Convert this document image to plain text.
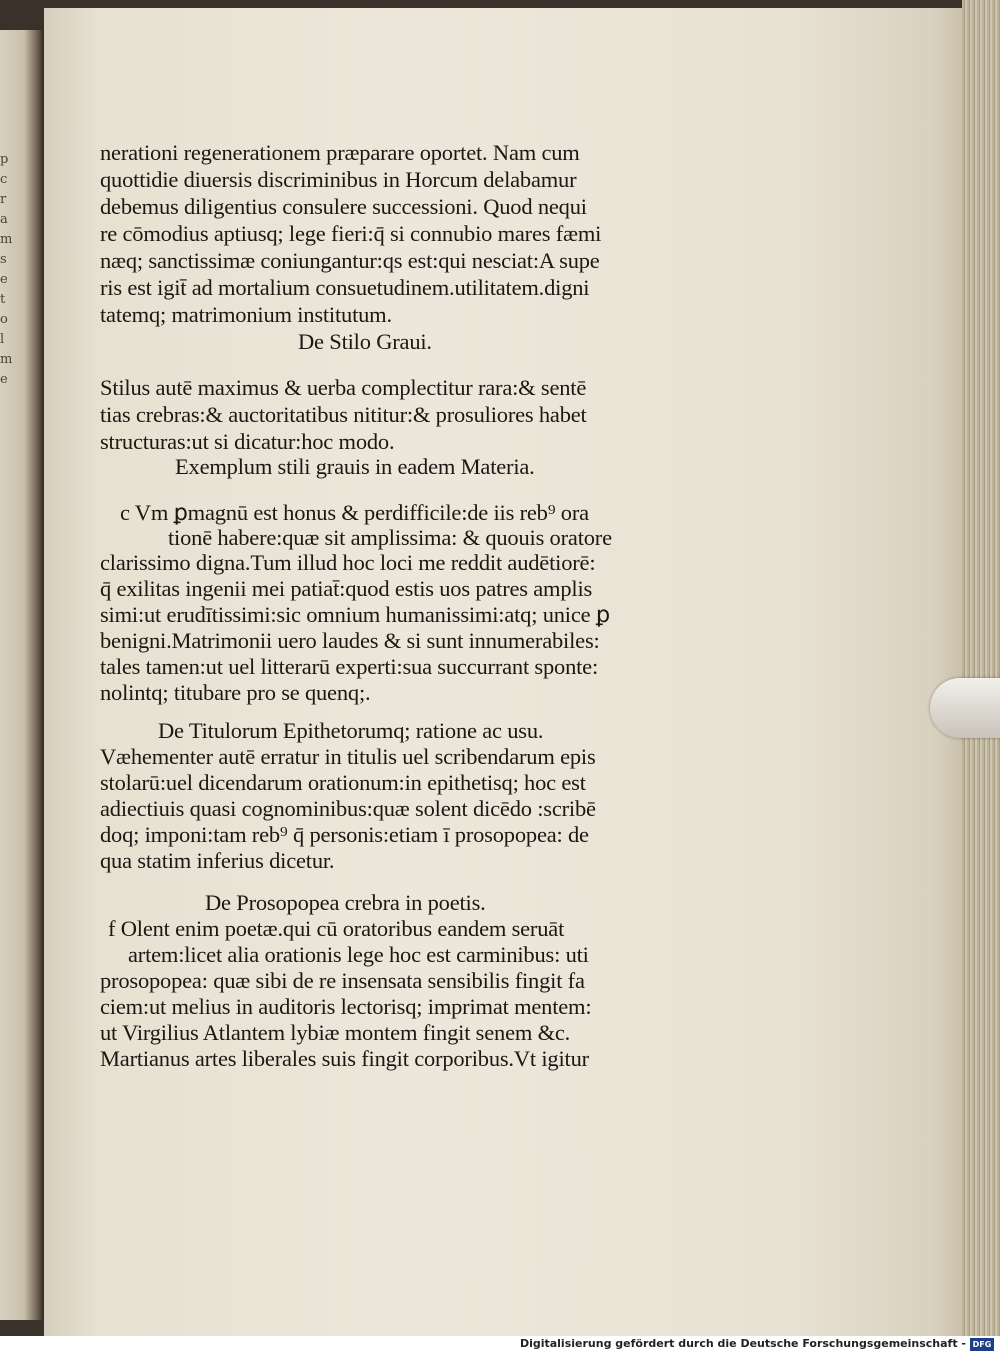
p
c
r
a
m
s
e
t
o
l
m
e
nerationi regenerationem præparare oportet. Nam cum
quottidie diuersis discriminibus in Horcum delabamur
debemus diligentius consulere successioni. Quod nequi
re cōmodius aptiusq; lege fieri:q̄ si connubio mares fæmi
næq; sanctissimæ coniungantur:qs est:qui nesciat:A supe
ris est igit̄ ad mortalium consuetudinem.utilitatem.digni
tatemq; matrimonium institutum.
De Stilo Graui.
Stilus autē maximus & uerba complectitur rara:& sentē
tias crebras:& auctoritatibus nititur:& prosuliores habet
structuras:ut si dicatur:hoc modo.
Exemplum stili grauis in eadem Materia.
c Vm ꝑmagnū est honus & perdifficile:de iis reb⁹ ora
tionē habere:quæ sit amplissima: & quouis oratore
clarissimo digna.Tum illud hoc loci me reddit audētiorē:
q̄ exilitas ingenii mei patiat̄:quod estis uos patres amplis
simi:ut erudītissimi:sic omnium humanissimi:atq; unice ꝑ
benigni.Matrimonii uero laudes & si sunt innumerabiles:
tales tamen:ut uel litterarū experti:sua succurrant sponte:
nolintq; titubare pro se quenq;.
De Titulorum Epithetorumq; ratione ac usu.
Væhementer autē erratur in titulis uel scribendarum epis
stolarū:uel dicendarum orationum:in epithetisq; hoc est
adiectiuis quasi cognominibus:quæ solent dicēdo :scribē
doq; imponi:tam reb⁹ q̄ personis:etiam ī prosopopea: de
qua statim inferius dicetur.
De Prosopopea crebra in poetis.
f Olent enim poetæ.qui cū oratoribus eandem seruāt
artem:licet alia orationis lege hoc est carminibus: uti
prosopopea: quæ sibi de re insensata sensibilis fingit fa
ciem:ut melius in auditoris lectorisq; imprimat mentem:
ut Virgilius Atlantem lybiæ montem fingit senem &c.
Martianus artes liberales suis fingit corporibus.Vt igitur
Digitalisierung gefördert durch die Deutsche Forschungsgemeinschaft - DFG
